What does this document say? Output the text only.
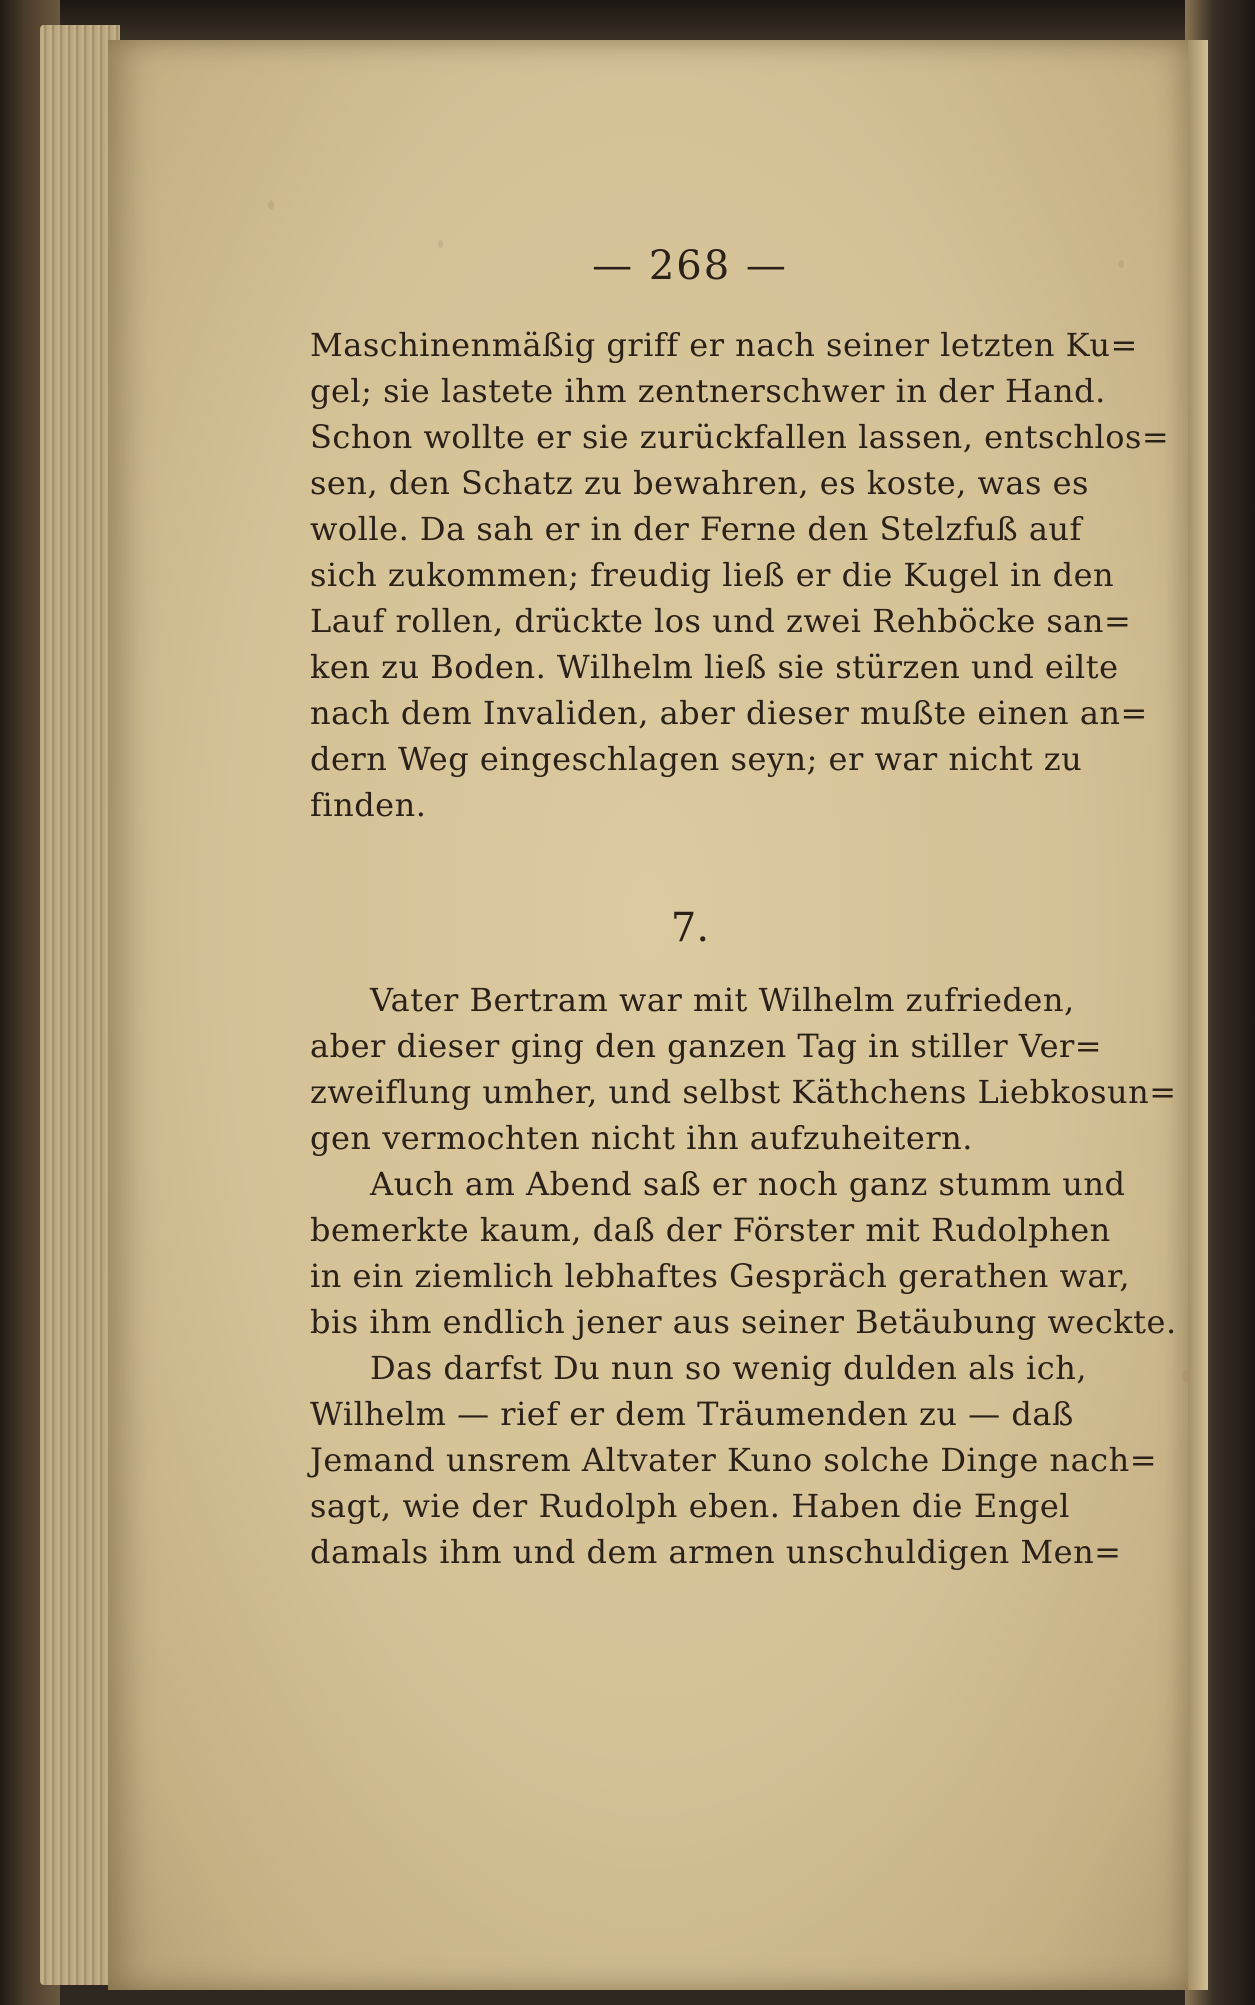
— 268 —
Maschinenmäßig griff er nach seiner letzten Ku=
gel; sie lastete ihm zentnerschwer in der Hand.
Schon wollte er sie zurückfallen lassen, entschlos=
sen, den Schatz zu bewahren, es koste, was es
wolle. Da sah er in der Ferne den Stelzfuß auf
sich zukommen; freudig ließ er die Kugel in den
Lauf rollen, drückte los und zwei Rehböcke san=
ken zu Boden. Wilhelm ließ sie stürzen und eilte
nach dem Invaliden, aber dieser mußte einen an=
dern Weg eingeschlagen seyn; er war nicht zu
finden.
7.
Vater Bertram war mit Wilhelm zufrieden,
aber dieser ging den ganzen Tag in stiller Ver=
zweiflung umher, und selbst Käthchens Liebkosun=
gen vermochten nicht ihn aufzuheitern.
Auch am Abend saß er noch ganz stumm und
bemerkte kaum, daß der Förster mit Rudolphen
in ein ziemlich lebhaftes Gespräch gerathen war,
bis ihm endlich jener aus seiner Betäubung weckte.
Das darfst Du nun so wenig dulden als ich,
Wilhelm — rief er dem Träumenden zu — daß
Jemand unsrem Altvater Kuno solche Dinge nach=
sagt, wie der Rudolph eben. Haben die Engel
damals ihm und dem armen unschuldigen Men=
